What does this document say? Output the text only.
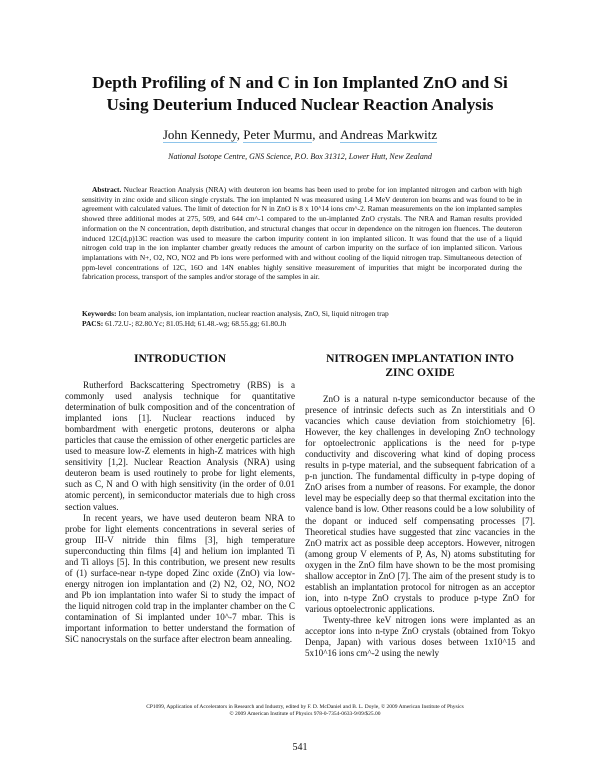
Depth Profiling of N and C in Ion Implanted ZnO and Si
Using Deuterium Induced Nuclear Reaction Analysis
John Kennedy, Peter Murmu, and Andreas Markwitz
National Isotope Centre, GNS Science, P.O. Box 31312, Lower Hutt, New Zealand
Abstract. Nuclear Reaction Analysis (NRA) with deuteron ion beams has been used to probe for ion implanted nitrogen and carbon with high sensitivity in zinc oxide and silicon single crystals. The ion implanted N was measured using 1.4 MeV deuteron ion beams and was found to be in agreement with calculated values. The limit of detection for N in ZnO is 8 x 10^14 ions cm^-2. Raman measurements on the ion implanted samples showed three additional modes at 275, 509, and 644 cm^-1 compared to the un-implanted ZnO crystals. The NRA and Raman results provided information on the N concentration, depth distribution, and structural changes that occur in dependence on the nitrogen ion fluences. The deuteron induced 12C(d,p)13C reaction was used to measure the carbon impurity content in ion implanted silicon. It was found that the use of a liquid nitrogen cold trap in the ion implanter chamber greatly reduces the amount of carbon impurity on the surface of ion implanted silicon. Various implantations with N+, O2, NO, NO2 and Pb ions were performed with and without cooling of the liquid nitrogen trap. Simultaneous detection of ppm-level concentrations of 12C, 16O and 14N enables highly sensitive measurement of impurities that might be incorporated during the fabrication process, transport of the samples and/or storage of the samples in air.
Keywords: Ion beam analysis, ion implantation, nuclear reaction analysis, ZnO, Si, liquid nitrogen trap
PACS: 61.72.U-; 82.80.Yc; 81.05.Hd; 61.48.-wg; 68.55.gg; 61.80.Jh
INTRODUCTION

Rutherford Backscattering Spectrometry (RBS) is a commonly used analysis technique for quantitative determination of bulk composition and of the concentration of implanted ions [1]. Nuclear reactions induced by bombardment with energetic protons, deuterons or alpha particles that cause the emission of other energetic particles are used to measure low-Z elements in high-Z matrices with high sensitivity [1,2]. Nuclear Reaction Analysis (NRA) using deuteron beam is used routinely to probe for light elements, such as C, N and O with high sensitivity (in the order of 0.01 atomic percent), in semiconductor materials due to high cross section values.

In recent years, we have used deuteron beam NRA to probe for light elements concentrations in several series of group III-V nitride thin films [3], high temperature superconducting thin films [4] and helium ion implanted Ti and Ti alloys [5]. In this contribution, we present new results of (1) surface-near n-type doped Zinc oxide (ZnO) via low-energy nitrogen ion implantation and (2) N2, O2, NO, NO2 and Pb ion implantation into wafer Si to study the impact of the liquid nitrogen cold trap in the implanter chamber on the C contamination of Si implanted under 10^-7 mbar. This is important information to better understand the formation of SiC nanocrystals on the surface after electron beam annealing.

NITROGEN IMPLANTATION INTO
ZINC OXIDE

ZnO is a natural n-type semiconductor because of the presence of intrinsic defects such as Zn interstitials and O vacancies which cause deviation from stoichiometry [6]. However, the key challenges in developing ZnO technology for optoelectronic applications is the need for p-type conductivity and discovering what kind of doping process results in p-type material, and the subsequent fabrication of a p-n junction. The fundamental difficulty in p-type doping of ZnO arises from a number of reasons. For example, the donor level may be especially deep so that thermal excitation into the valence band is low. Other reasons could be a low solubility of the dopant or induced self compensating processes [7]. Theoretical studies have suggested that zinc vacancies in the ZnO matrix act as possible deep acceptors. However, nitrogen (among group V elements of P, As, N) atoms substituting for oxygen in the ZnO film have shown to be the most promising shallow acceptor in ZnO [7]. The aim of the present study is to establish an implantation protocol for nitrogen as an acceptor ion, into n-type ZnO crystals to produce p-type ZnO for various optoelectronic applications.

Twenty-three keV nitrogen ions were implanted as an acceptor ions into n-type ZnO crystals (obtained from Tokyo Denpa, Japan) with various doses between 1x10^15 and 5x10^16 ions cm^-2 using the newly

CP1099, Application of Accelerators in Research and Industry, edited by F. D. McDaniel and B. L. Doyle, © 2009 American Institute of Physics
© 2009 American Institute of Physics 978-0-7354-0633-9/09/$25.00
541
